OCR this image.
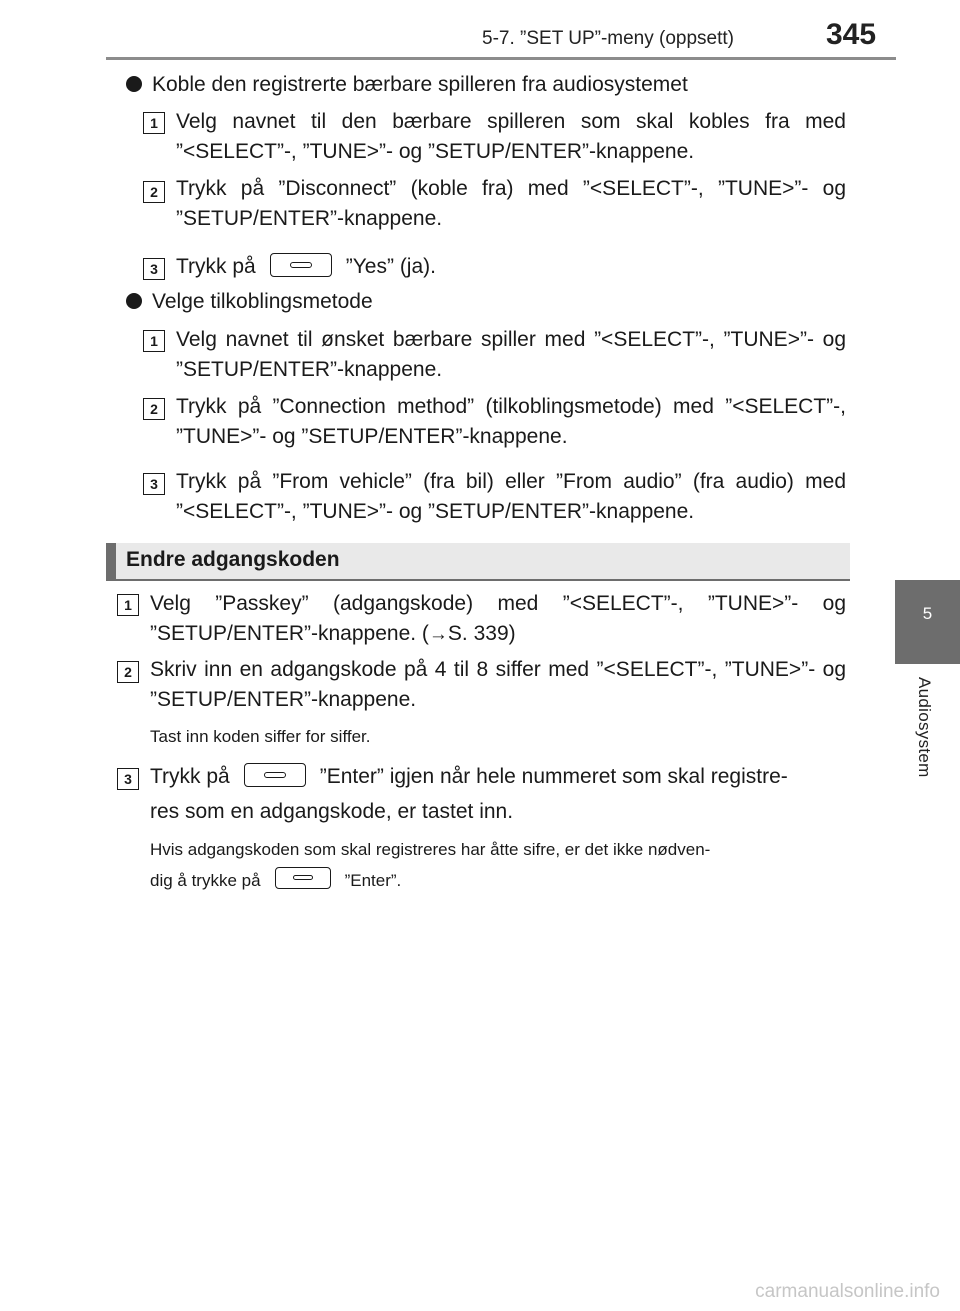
5-7. ”SET UP”-meny (oppsett)	345
5
Audiosystem
Koble den registrerte bærbare spilleren fra audiosystemet
1 Velg navnet til den bærbare spilleren som skal kobles fra med ”<SELECT”-, ”TUNE>”- og ”SETUP/ENTER”-knappene.
2 Trykk på ”Disconnect” (koble fra) med ”<SELECT”-, ”TUNE>”- og ”SETUP/ENTER”-knappene.
3 Trykk på	”Yes” (ja).
Velge tilkoblingsmetode
1 Velg navnet til ønsket bærbare spiller med ”<SELECT”-, ”TUNE>”- og ”SETUP/ENTER”-knappene.
2 Trykk på ”Connection method” (tilkoblingsmetode) med ”<SELECT”-, ”TUNE>”- og ”SETUP/ENTER”-knappene.
3 Trykk på ”From vehicle” (fra bil) eller ”From audio” (fra audio) med ”<SELECT”-, ”TUNE>”- og ”SETUP/ENTER”-knappene.
Endre adgangskoden
1 Velg ”Passkey” (adgangskode) med ”<SELECT”-, ”TUNE>”- og ”SETUP/ENTER”-knappene. (→S. 339)
2 Skriv inn en adgangskode på 4 til 8 siffer med ”<SELECT”-, ”TUNE>”- og ”SETUP/ENTER”-knappene.
Tast inn koden siffer for siffer.
3 Trykk på	”Enter” igjen når hele nummeret som skal registre-
res som en adgangskode, er tastet inn.
Hvis adgangskoden som skal registreres har åtte sifre, er det ikke nødven-
dig å trykke på	”Enter”.
carmanualsonline.info
